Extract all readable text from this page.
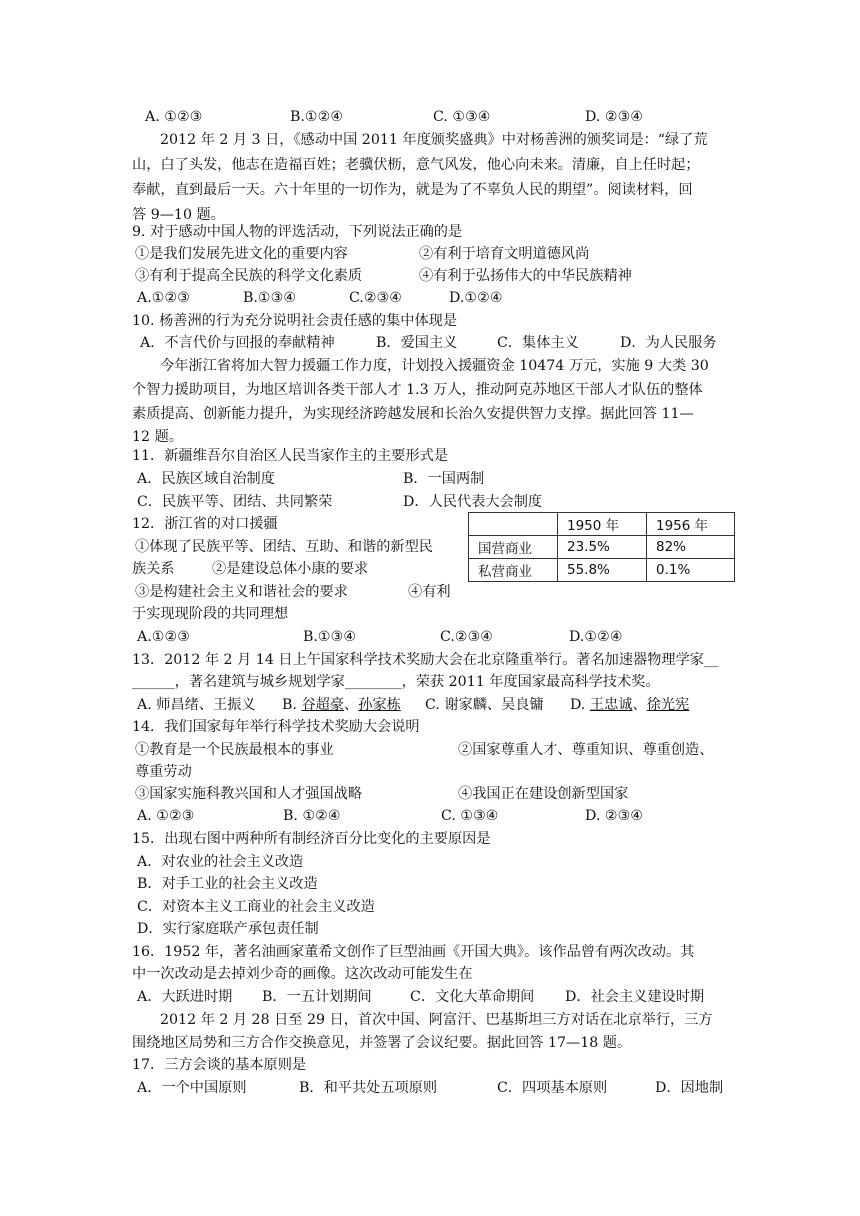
A. ①②③	B.①②④	C. ①③④	D. ②③④
2012 年 2 月 3 日，《感动中国 2011 年度颁奖盛典》中对杨善洲的颁奖词是：“绿了荒
山，白了头发，他志在造福百姓；老骥伏枥，意气风发，他心向未来。清廉，自上任时起；
奉献，直到最后一天。六十年里的一切作为，就是为了不辜负人民的期望”。阅读材料，回
答 9—10 题。
9. 对于感动中国人物的评选活动，下列说法正确的是
①是我们发展先进文化的重要内容	②有利于培育文明道德风尚
③有利于提高全民族的科学文化素质	④有利于弘扬伟大的中华民族精神
A.①②③	B.①③④	C.②③④	D.①②④
10. 杨善洲的行为充分说明社会责任感的集中体现是
A．不言代价与回报的奉献精神	B．爱国主义	C．集体主义	D．为人民服务
今年浙江省将加大智力援疆工作力度，计划投入援疆资金 10474 万元，实施 9 大类 30
个智力援助项目，为地区培训各类干部人才 1.3 万人，推动阿克苏地区干部人才队伍的整体
素质提高、创新能力提升，为实现经济跨越发展和长治久安提供智力支撑。据此回答 11—
12 题。
11．新疆维吾尔自治区人民当家作主的主要形式是
A．民族区域自治制度	B．一国两制
C．民族平等、团结、共同繁荣	D．人民代表大会制度
12．浙江省的对口援疆
①体现了民族平等、团结、互助、和谐的新型民
族关系	②是建设总体小康的要求
③是构建社会主义和谐社会的要求	④有利
于实现现阶段的共同理想
A.①②③	B.①③④	C.②③④	D.①②④
	1950 年	1956 年
国营商业	23.5%	82%
私营商业	55.8%	0.1%
13．2012 年 2 月 14 日上午国家科学技术奖励大会在北京隆重举行。著名加速器物理学家__
______，著名建筑与城乡规划学家________，荣获 2011 年度国家最高科学技术奖。
A. 师昌绪、王振义 B. 谷超豪、孙家栋 C. 谢家麟、吴良镛 D. 王忠诚、徐光宪
14．我们国家每年举行科学技术奖励大会说明
①教育是一个民族最根本的事业	②国家尊重人才、尊重知识、尊重创造、
尊重劳动
③国家实施科教兴国和人才强国战略	④我国正在建设创新型国家
A. ①②③	B. ①②④	C. ①③④	D. ②③④
15．出现右图中两种所有制经济百分比变化的主要原因是
A．对农业的社会主义改造
B．对手工业的社会主义改造
C．对资本主义工商业的社会主义改造
D．实行家庭联产承包责任制
16．1952 年，著名油画家董希文创作了巨型油画《开国大典》。该作品曾有两次改动。其
中一次改动是去掉刘少奇的画像。这次改动可能发生在
A．大跃进时期 B．一五计划期间	C．文化大革命期间 D．社会主义建设时期
2012 年 2 月 28 日至 29 日，首次中国、阿富汗、巴基斯坦三方对话在北京举行，三方
围绕地区局势和三方合作交换意见，并签署了会议纪要。据此回答 17—18 题。
17．三方会谈的基本原则是
A．一个中国原则	B．和平共处五项原则	C．四项基本原则	D．因地制
